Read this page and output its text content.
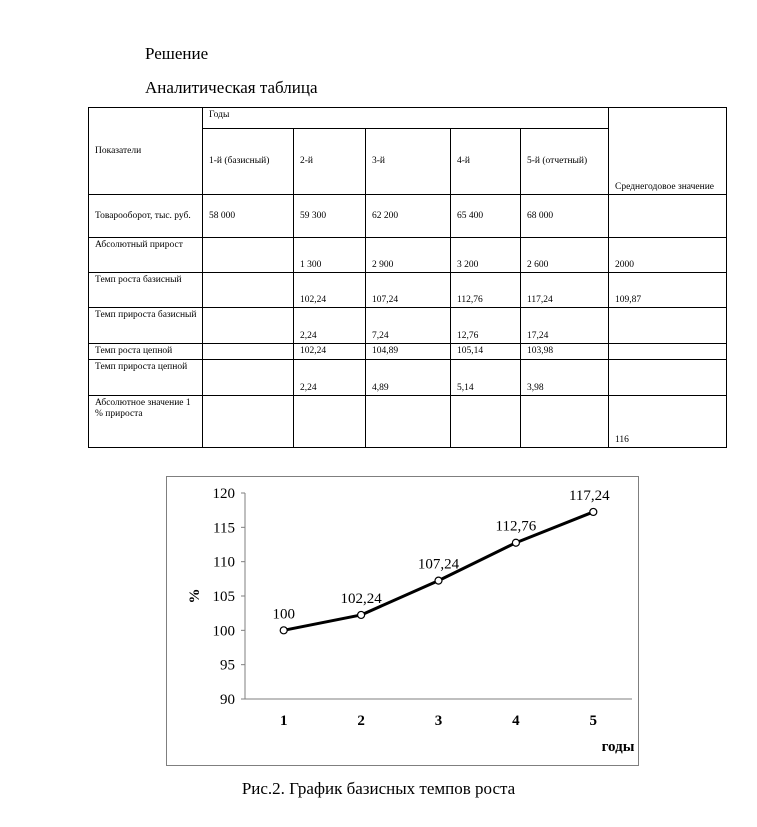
Решение
Аналитическая таблица
Показатели	Годы					Среднегодовое значение
	1-й (базисный)	2-й	3-й	4-й	5-й (отчетный)	
Товарооборот, тыс. руб.	58 000	59 300	62 200	65 400	68 000	
Абсолютный прирост		1 300	2 900	3 200	2 600	2000
Темп роста базисный		102,24	107,24	112,76	117,24	109,87
Темп прироста базисный		2,24	7,24	12,76	17,24	
Темп роста цепной		102,24	104,89	105,14	103,98	
Темп прироста цепной		2,24	4,89	5,14	3,98	
Абсолютное значение 1 % прироста						116
90
95
100
105
110
115
120
1	2	3	4	5
годы
%
100
102,24
107,24
112,76
117,24
Рис.2. График базисных темпов роста
